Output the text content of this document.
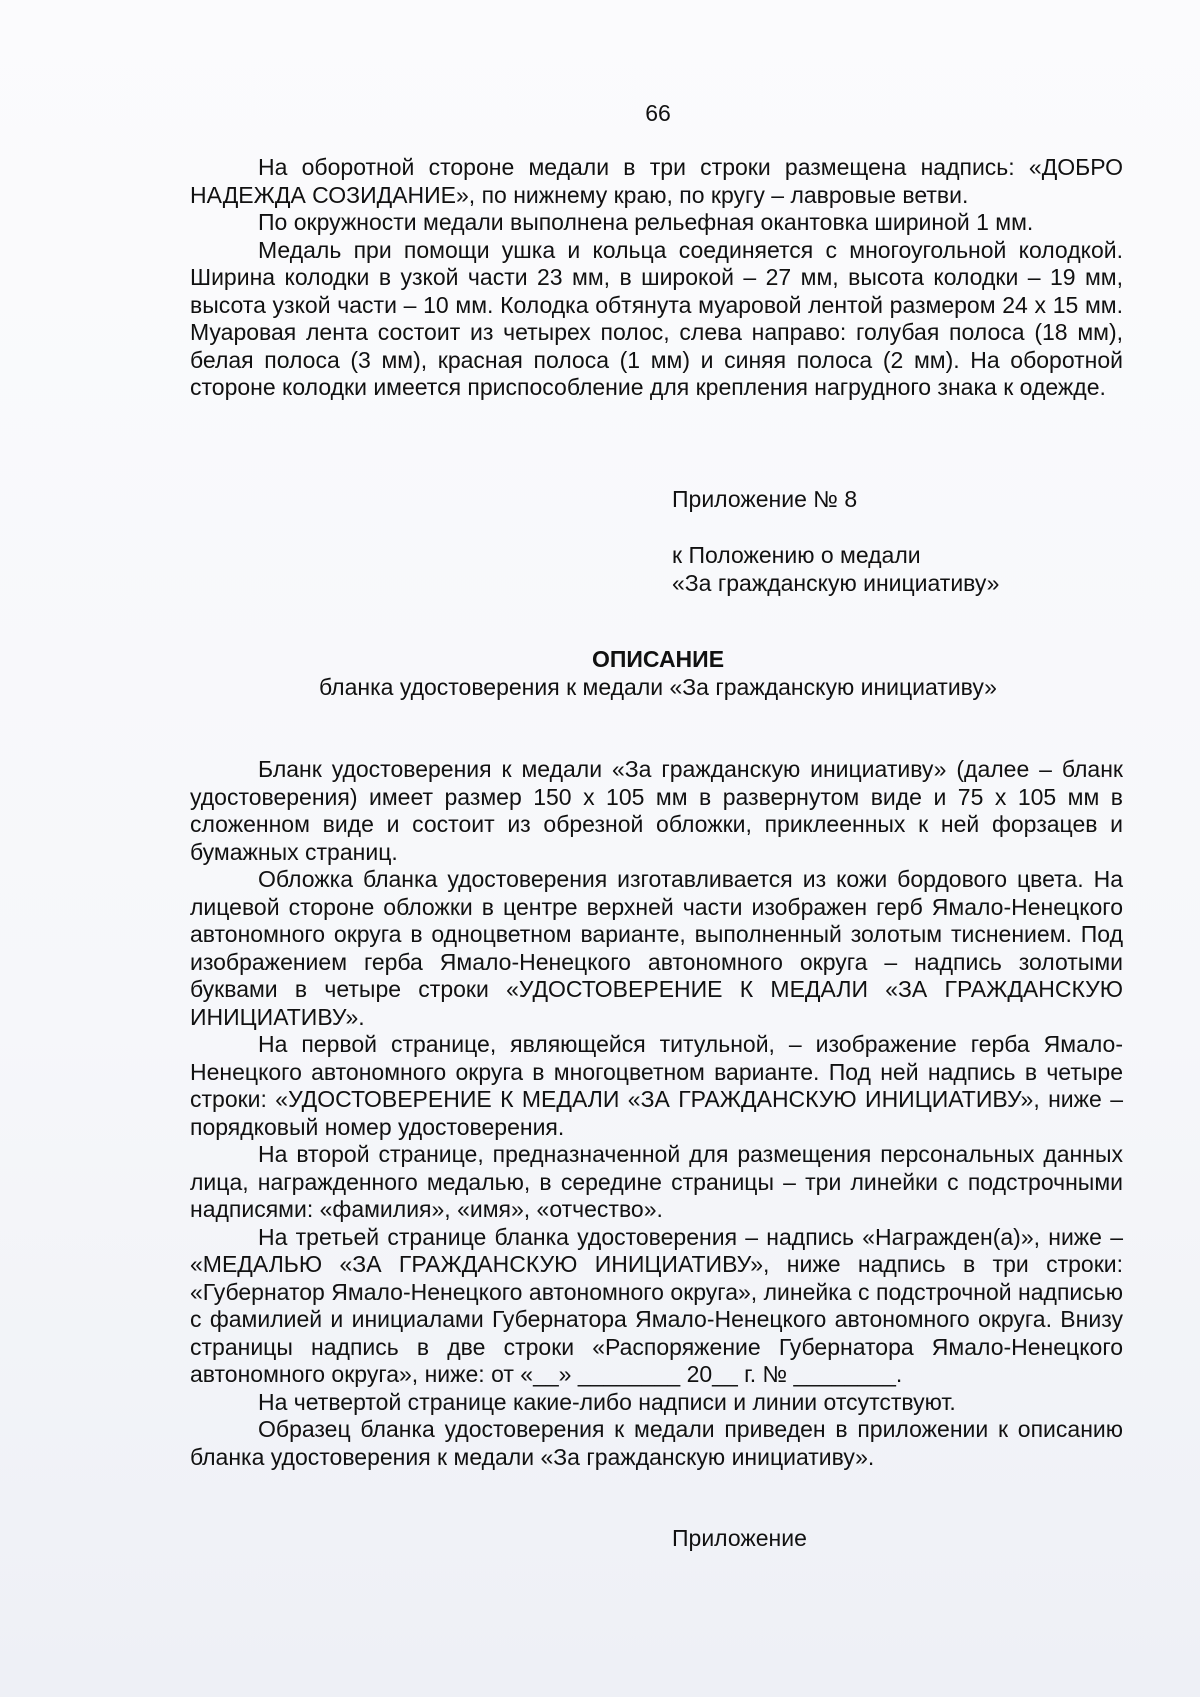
66

На оборотной стороне медали в три строки размещена надпись: «ДОБРО НАДЕЖДА СОЗИДАНИЕ», по нижнему краю, по кругу – лавровые ветви.

По окружности медали выполнена рельефная окантовка шириной 1 мм.

Медаль при помощи ушка и кольца соединяется с многоугольной колодкой. Ширина колодки в узкой части 23 мм, в широкой – 27 мм, высота колодки – 19 мм, высота узкой части – 10 мм. Колодка обтянута муаровой лентой размером 24 x 15 мм. Муаровая лента состоит из четырех полос, слева направо: голубая полоса (18 мм), белая полоса (3 мм), красная полоса (1 мм) и синяя полоса (2 мм). На оборотной стороне колодки имеется приспособление для крепления нагрудного знака к одежде.

Приложение № 8
к Положению о медали
«За гражданскую инициативу»
ОПИСАНИЕ
бланка удостоверения к медали «За гражданскую инициативу»

Бланк удостоверения к медали «За гражданскую инициативу» (далее – бланк удостоверения) имеет размер 150 x 105 мм в развернутом виде и 75 x 105 мм в сложенном виде и состоит из обрезной обложки, приклеенных к ней форзацев и бумажных страниц.

Обложка бланка удостоверения изготавливается из кожи бордового цвета. На лицевой стороне обложки в центре верхней части изображен герб Ямало-Ненецкого автономного округа в одноцветном варианте, выполненный золотым тиснением. Под изображением герба Ямало-Ненецкого автономного округа – надпись золотыми буквами в четыре строки «УДОСТОВЕРЕНИЕ К МЕДАЛИ «ЗА ГРАЖДАНСКУЮ ИНИЦИАТИВУ».

На первой странице, являющейся титульной, – изображение герба Ямало-Ненецкого автономного округа в многоцветном варианте. Под ней надпись в четыре строки: «УДОСТОВЕРЕНИЕ К МЕДАЛИ «ЗА ГРАЖДАНСКУЮ ИНИЦИАТИВУ», ниже – порядковый номер удостоверения.

На второй странице, предназначенной для размещения персональных данных лица, награжденного медалью, в середине страницы – три линейки с подстрочными надписями: «фамилия», «имя», «отчество».

На третьей странице бланка удостоверения – надпись «Награжден(а)», ниже – «МЕДАЛЬЮ «ЗА ГРАЖДАНСКУЮ ИНИЦИАТИВУ», ниже надпись в три строки: «Губернатор Ямало-Ненецкого автономного округа», линейка с подстрочной надписью с фамилией и инициалами Губернатора Ямало-Ненецкого автономного округа. Внизу страницы надпись в две строки «Распоряжение Губернатора Ямало-Ненецкого автономного округа», ниже: от «__» ________ 20__ г. № ________.

На четвертой странице какие-либо надписи и линии отсутствуют.

Образец бланка удостоверения к медали приведен в приложении к описанию бланка удостоверения к медали «За гражданскую инициативу».

Приложение
